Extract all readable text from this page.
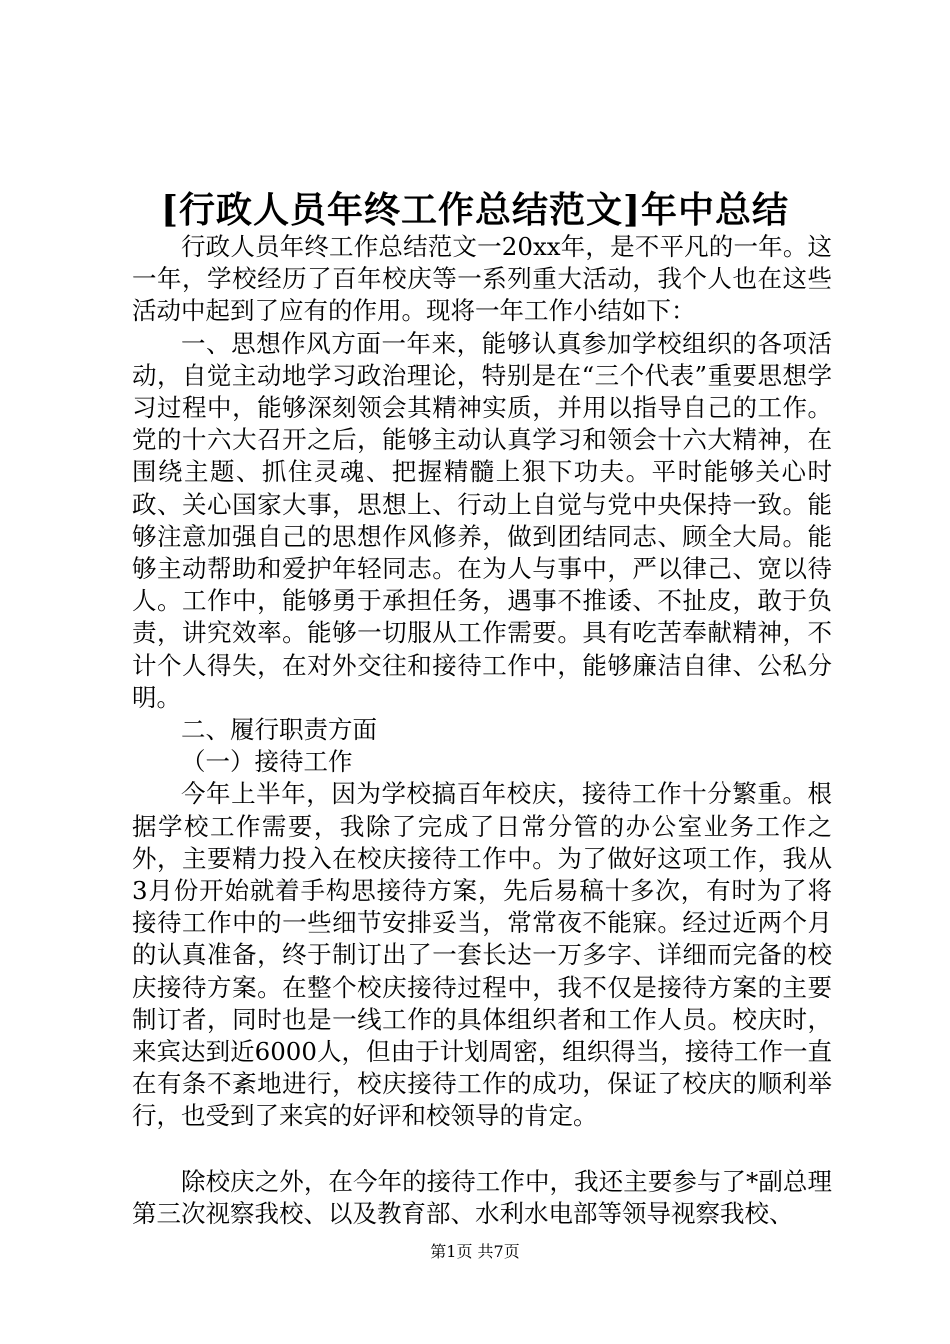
[行政人员年终工作总结范文]年中总结

行政人员年终工作总结范文一20xx年，是不平凡的一年。这一年，学校经历了百年校庆等一系列重大活动，我个人也在这些活动中起到了应有的作用。现将一年工作小结如下：

一、思想作风方面一年来，能够认真参加学校组织的各项活动，自觉主动地学习政治理论，特别是在“三个代表”重要思想学习过程中，能够深刻领会其精神实质，并用以指导自己的工作。党的十六大召开之后，能够主动认真学习和领会十六大精神，在围绕主题、抓住灵魂、把握精髓上狠下功夫。平时能够关心时政、关心国家大事，思想上、行动上自觉与党中央保持一致。能够注意加强自己的思想作风修养，做到团结同志、顾全大局。能够主动帮助和爱护年轻同志。在为人与事中，严以律己、宽以待人。工作中，能够勇于承担任务，遇事不推诿、不扯皮，敢于负责，讲究效率。能够一切服从工作需要。具有吃苦奉献精神，不计个人得失，在对外交往和接待工作中，能够廉洁自律、公私分明。

二、履行职责方面

（一）接待工作

今年上半年，因为学校搞百年校庆，接待工作十分繁重。根据学校工作需要，我除了完成了日常分管的办公室业务工作之外，主要精力投入在校庆接待工作中。为了做好这项工作，我从3月份开始就着手构思接待方案，先后易稿十多次，有时为了将接待工作中的一些细节安排妥当，常常夜不能寐。经过近两个月的认真准备，终于制订出了一套长达一万多字、详细而完备的校庆接待方案。在整个校庆接待过程中，我不仅是接待方案的主要制订者，同时也是一线工作的具体组织者和工作人员。校庆时，来宾达到近6000人，但由于计划周密，组织得当，接待工作一直在有条不紊地进行，校庆接待工作的成功，保证了校庆的顺利举行，也受到了来宾的好评和校领导的肯定。

除校庆之外，在今年的接待工作中，我还主要参与了*副总理第三次视察我校、以及教育部、水利水电部等领导视察我校、

第1页 共7页
